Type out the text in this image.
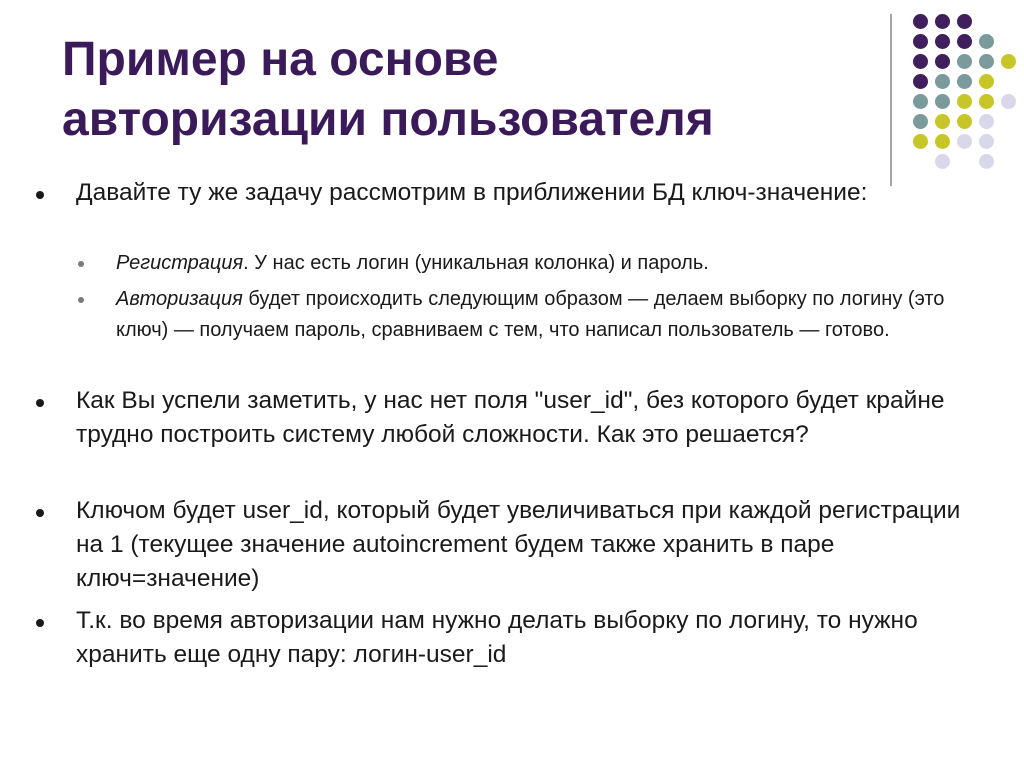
Пример на основе
авторизации пользователя
Давайте ту же задачу рассмотрим в приближении БД ключ-значение:
Регистрация. У нас есть логин (уникальная колонка) и пароль.
Авторизация будет происходить следующим образом — делаем выборку по логину (это ключ) — получаем пароль, сравниваем с тем, что написал пользователь — готово.
Как Вы успели заметить, у нас нет поля "user_id", без которого будет крайне трудно построить систему любой сложности. Как это решается?
Ключом будет user_id, который будет увеличиваться при каждой регистрации на 1 (текущее значение autoincrement будем также хранить в паре ключ=значение)
Т.к. во время авторизации нам нужно делать выборку по логину, то нужно хранить еще одну пару: логин-user_id
